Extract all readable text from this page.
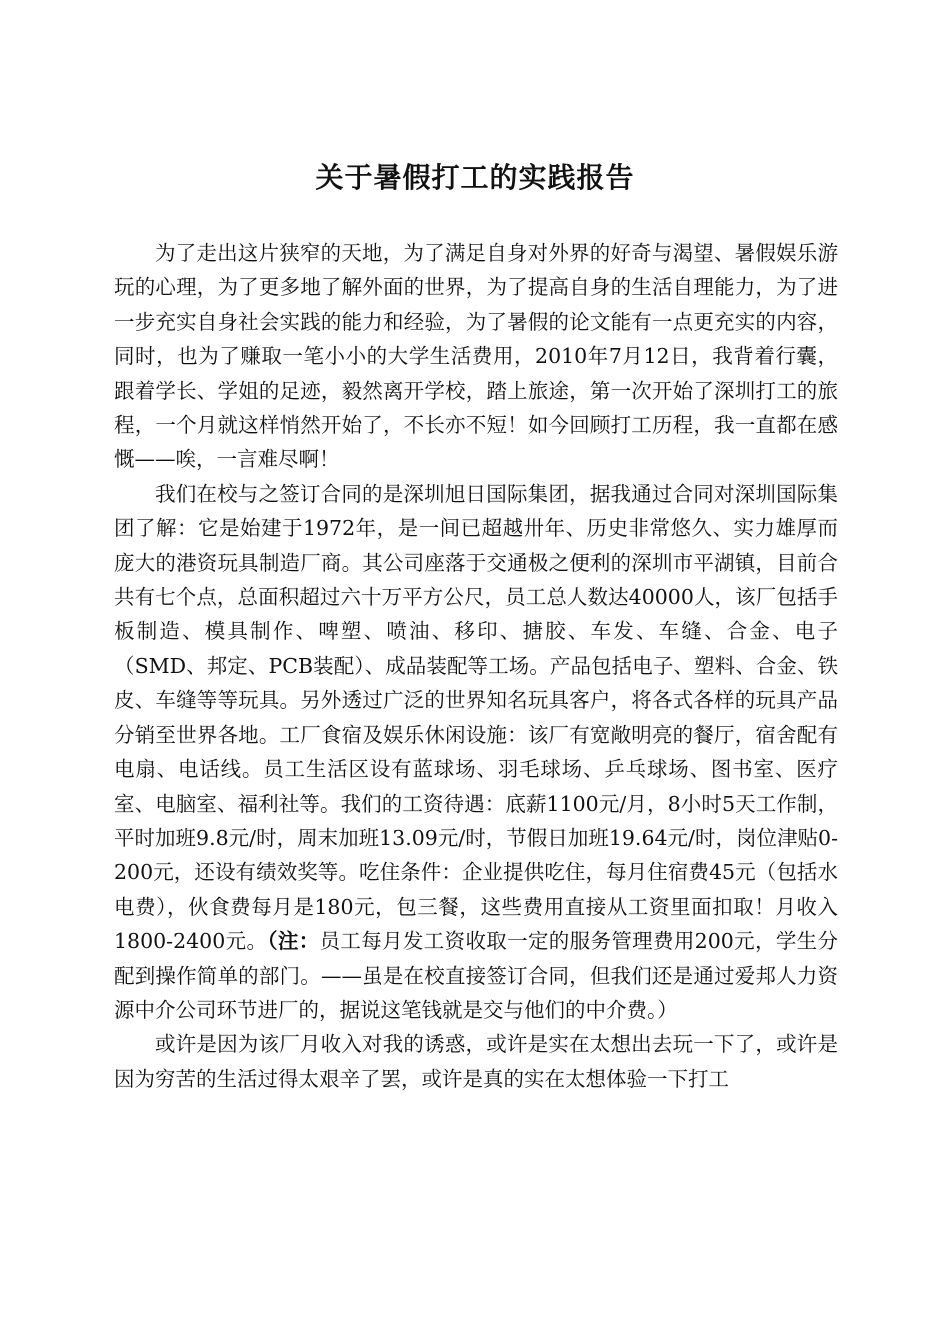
关于暑假打工的实践报告

为了走出这片狭窄的天地，为了满足自身对外界的好奇与渴望、暑假娱乐游玩的心理，为了更多地了解外面的世界，为了提高自身的生活自理能力，为了进一步充实自身社会实践的能力和经验，为了暑假的论文能有一点更充实的内容，同时，也为了赚取一笔小小的大学生活费用，2010年7月12日，我背着行囊，跟着学长、学姐的足迹，毅然离开学校，踏上旅途，第一次开始了深圳打工的旅程，一个月就这样悄然开始了，不长亦不短！如今回顾打工历程，我一直都在感慨——唉，一言难尽啊！

我们在校与之签订合同的是深圳旭日国际集团，据我通过合同对深圳国际集团了解：它是始建于1972年，是一间已超越卅年、历史非常悠久、实力雄厚而庞大的港资玩具制造厂商。其公司座落于交通极之便利的深圳市平湖镇，目前合共有七个点，总面积超过六十万平方公尺，员工总人数达40000人，该厂包括手板制造、模具制作、啤塑、喷油、移印、搪胶、车发、车缝、合金、电子（SMD、邦定、PCB装配）、成品装配等工场。产品包括电子、塑料、合金、铁皮、车缝等等玩具。另外透过广泛的世界知名玩具客户，将各式各样的玩具产品分销至世界各地。工厂食宿及娱乐休闲设施：该厂有宽敞明亮的餐厅，宿舍配有电扇、电话线。员工生活区设有蓝球场、羽毛球场、乒乓球场、图书室、医疗室、电脑室、福利社等。我们的工资待遇：底薪1100元/月，8小时5天工作制，平时加班9.8元/时，周末加班13.09元/时，节假日加班19.64元/时，岗位津贴0-200元，还设有绩效奖等。吃住条件：企业提供吃住，每月住宿费45元（包括水电费），伙食费每月是180元，包三餐，这些费用直接从工资里面扣取！月收入1800-2400元。（注：员工每月发工资收取一定的服务管理费用200元，学生分配到操作简单的部门。——虽是在校直接签订合同，但我们还是通过爱邦人力资源中介公司环节进厂的，据说这笔钱就是交与他们的中介费。）

或许是因为该厂月收入对我的诱惑，或许是实在太想出去玩一下了，或许是因为穷苦的生活过得太艰辛了罢，或许是真的实在太想体验一下打工
